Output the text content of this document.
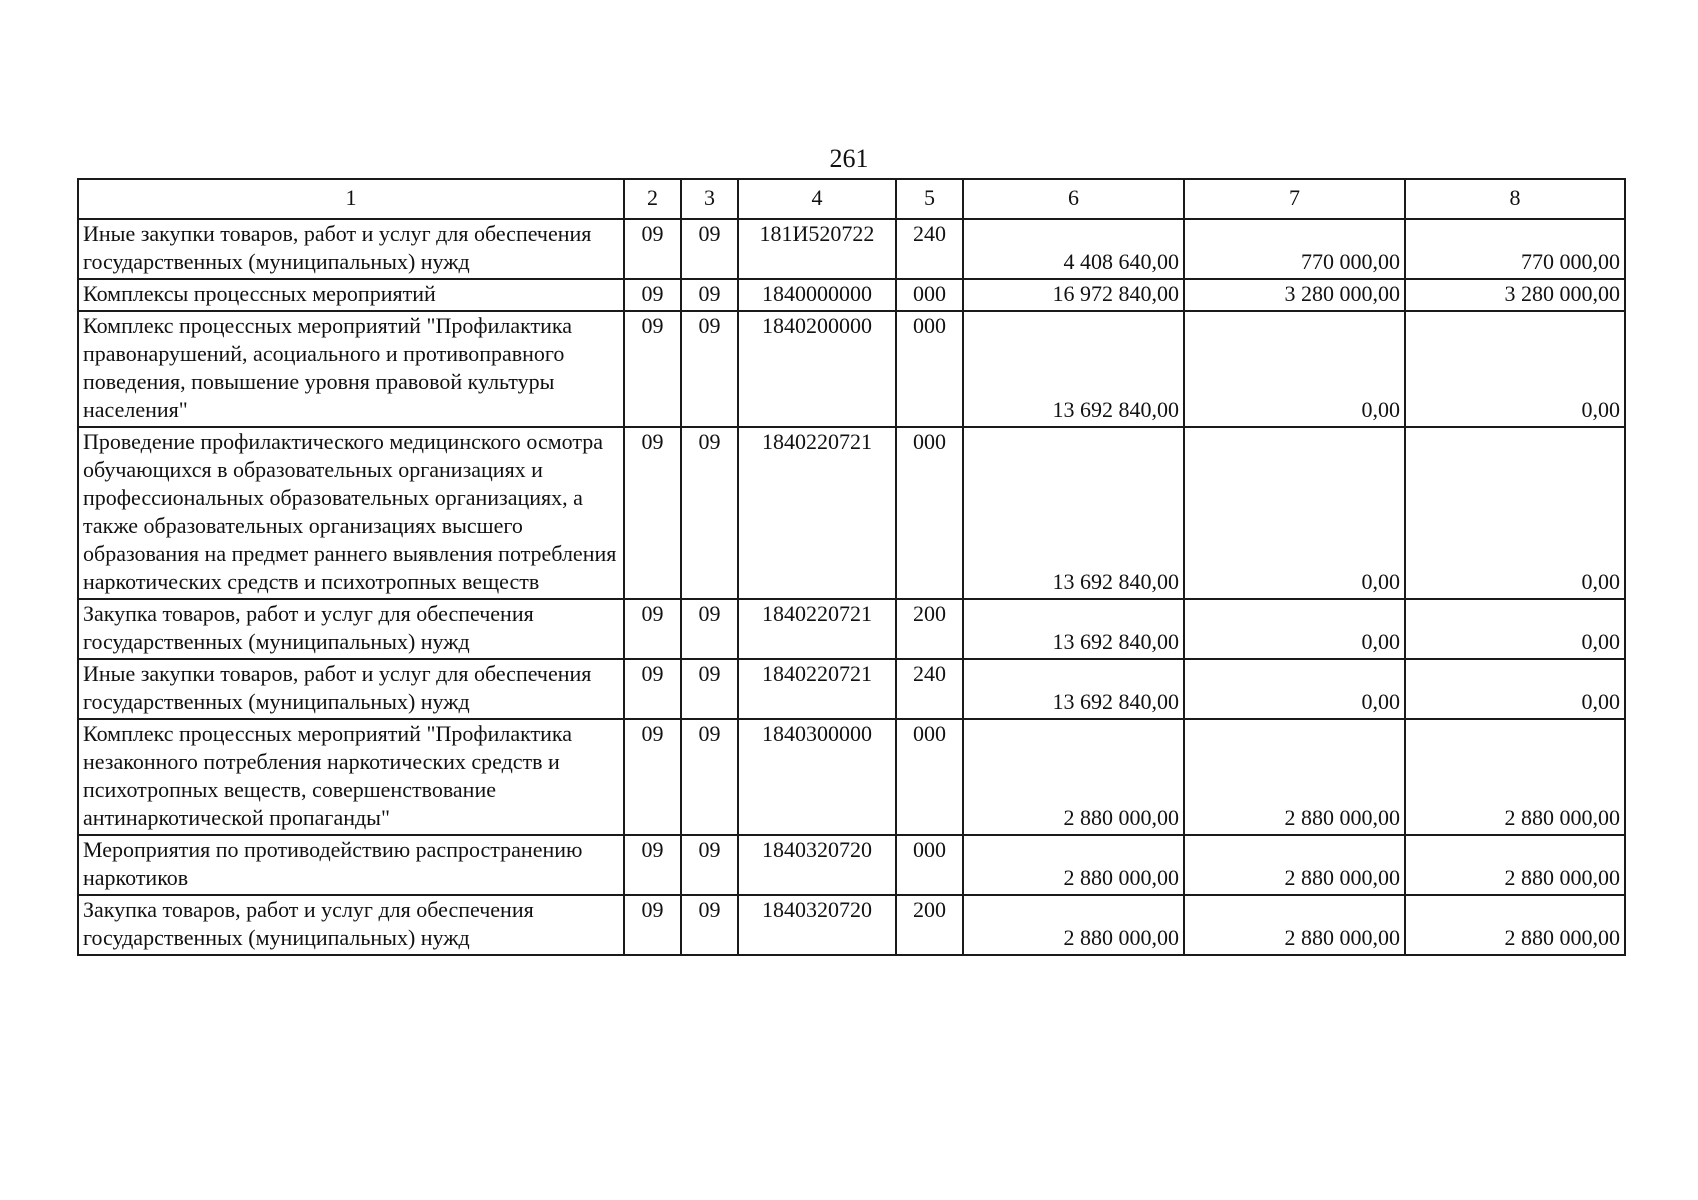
261
1	2	3	4	5	6	7	8
Иные закупки товаров, работ и услуг для обеспечения государственных (муниципальных) нужд	09	09	181И520722	240	4 408 640,00	770 000,00	770 000,00
Комплексы процессных мероприятий	09	09	1840000000	000	16 972 840,00	3 280 000,00	3 280 000,00
Комплекс процессных мероприятий "Профилактика правонарушений, асоциального и противоправного поведения, повышение уровня правовой культуры населения"	09	09	1840200000	000	13 692 840,00	0,00	0,00
Проведение профилактического медицинского осмотра обучающихся в образовательных организациях и профессиональных образовательных организациях, а также образовательных организациях высшего образования на предмет раннего выявления потребления наркотических средств и психотропных веществ	09	09	1840220721	000	13 692 840,00	0,00	0,00
Закупка товаров, работ и услуг для обеспечения государственных (муниципальных) нужд	09	09	1840220721	200	13 692 840,00	0,00	0,00
Иные закупки товаров, работ и услуг для обеспечения государственных (муниципальных) нужд	09	09	1840220721	240	13 692 840,00	0,00	0,00
Комплекс процессных мероприятий "Профилактика незаконного потребления наркотических средств и психотропных веществ, совершенствование антинаркотической пропаганды"	09	09	1840300000	000	2 880 000,00	2 880 000,00	2 880 000,00
Мероприятия по противодействию распространению наркотиков	09	09	1840320720	000	2 880 000,00	2 880 000,00	2 880 000,00
Закупка товаров, работ и услуг для обеспечения государственных (муниципальных) нужд	09	09	1840320720	200	2 880 000,00	2 880 000,00	2 880 000,00
